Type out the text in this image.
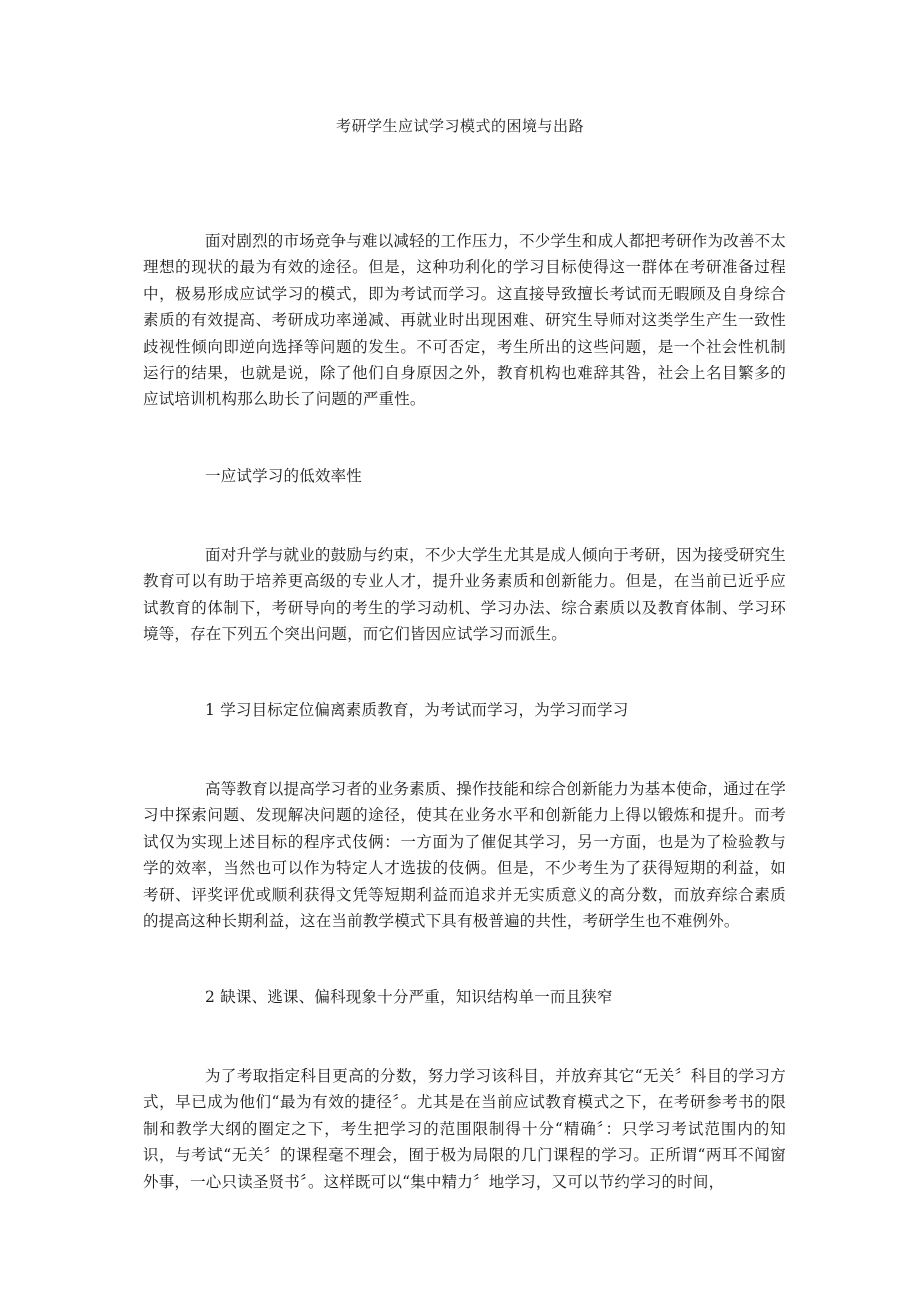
考研学生应试学习模式的困境与出路

面对剧烈的市场竞争与难以减轻的工作压力，不少学生和成人都把考研作为改善不太理想的现状的最为有效的途径。但是，这种功利化的学习目标使得这一群体在考研准备过程中，极易形成应试学习的模式，即为考试而学习。这直接导致擅长考试而无暇顾及自身综合素质的有效提高、考研成功率递减、再就业时出现困难、研究生导师对这类学生产生一致性歧视性倾向即逆向选择等问题的发生。不可否定，考生所出的这些问题，是一个社会性机制运行的结果，也就是说，除了他们自身原因之外，教育机构也难辞其咎，社会上名目繁多的应试培训机构那么助长了问题的严重性。

一应试学习的低效率性

面对升学与就业的鼓励与约束，不少大学生尤其是成人倾向于考研，因为接受研究生教育可以有助于培养更高级的专业人才，提升业务素质和创新能力。但是，在当前已近乎应试教育的体制下，考研导向的考生的学习动机、学习办法、综合素质以及教育体制、学习环境等，存在下列五个突出问题，而它们皆因应试学习而派生。

1 学习目标定位偏离素质教育，为考试而学习，为学习而学习

高等教育以提高学习者的业务素质、操作技能和综合创新能力为基本使命，通过在学习中探索问题、发现解决问题的途径，使其在业务水平和创新能力上得以锻炼和提升。而考试仅为实现上述目标的程序式伎俩：一方面为了催促其学习，另一方面，也是为了检验教与学的效率，当然也可以作为特定人才选拔的伎俩。但是，不少考生为了获得短期的利益，如考研、评奖评优或顺利获得文凭等短期利益而追求并无实质意义的高分数，而放弃综合素质的提高这种长期利益，这在当前教学模式下具有极普遍的共性，考研学生也不难例外。

2 缺课、逃课、偏科现象十分严重，知识结构单一而且狭窄

为了考取指定科目更高的分数，努力学习该科目，并放弃其它“无关〞科目的学习方式，早已成为他们“最为有效的捷径〞。尤其是在当前应试教育模式之下，在考研参考书的限制和教学大纲的圈定之下，考生把学习的范围限制得十分“精确〞：只学习考试范围内的知识，与考试“无关〞的课程毫不理会，囿于极为局限的几门课程的学习。正所谓“两耳不闻窗外事，一心只读圣贤书〞。这样既可以“集中精力〞地学习，又可以节约学习的时间，
